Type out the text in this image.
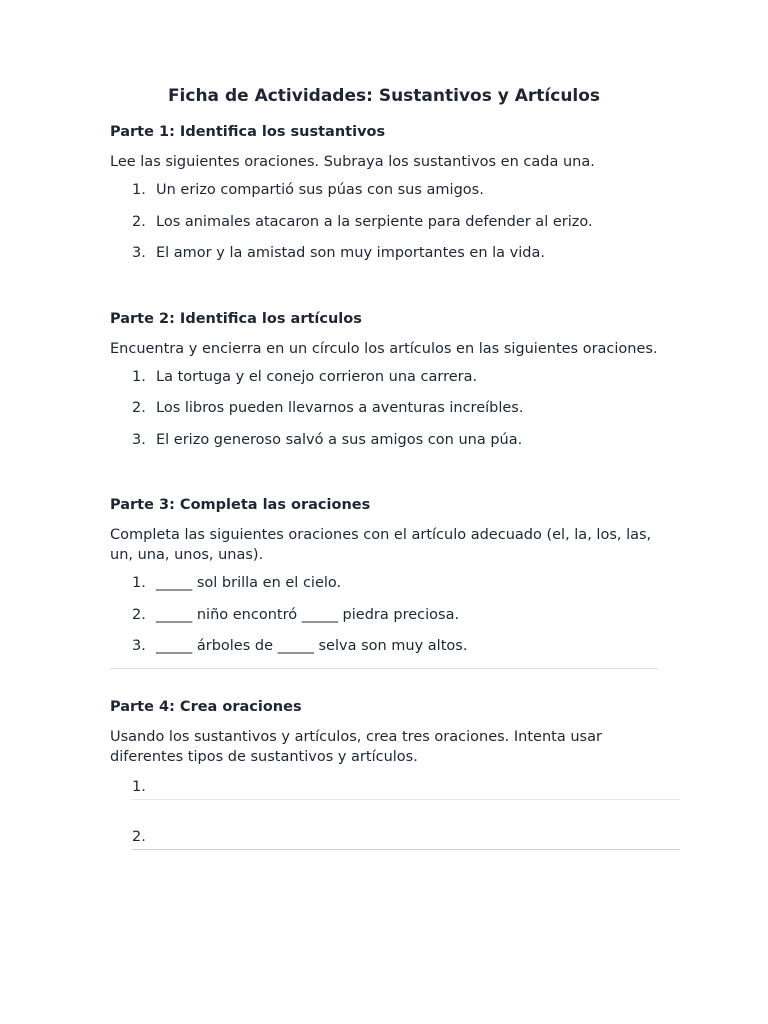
Ficha de Actividades: Sustantivos y Artículos
Parte 1: Identifica los sustantivos

Lee las siguientes oraciones. Subraya los sustantivos en cada una.

1. Un erizo compartió sus púas con sus amigos.
2. Los animales atacaron a la serpiente para defender al erizo.
3. El amor y la amistad son muy importantes en la vida.
Parte 2: Identifica los artículos

Encuentra y encierra en un círculo los artículos en las siguientes oraciones.

1. La tortuga y el conejo corrieron una carrera.
2. Los libros pueden llevarnos a aventuras increíbles.
3. El erizo generoso salvó a sus amigos con una púa.
Parte 3: Completa las oraciones

Completa las siguientes oraciones con el artículo adecuado (el, la, los, las, un, una, unos, unas).

1. _____ sol brilla en el cielo.
2. _____ niño encontró _____ piedra preciosa.
3. _____ árboles de _____ selva son muy altos.
Parte 4: Crea oraciones

Usando los sustantivos y artículos, crea tres oraciones. Intenta usar diferentes tipos de sustantivos y artículos.

1.
2.
